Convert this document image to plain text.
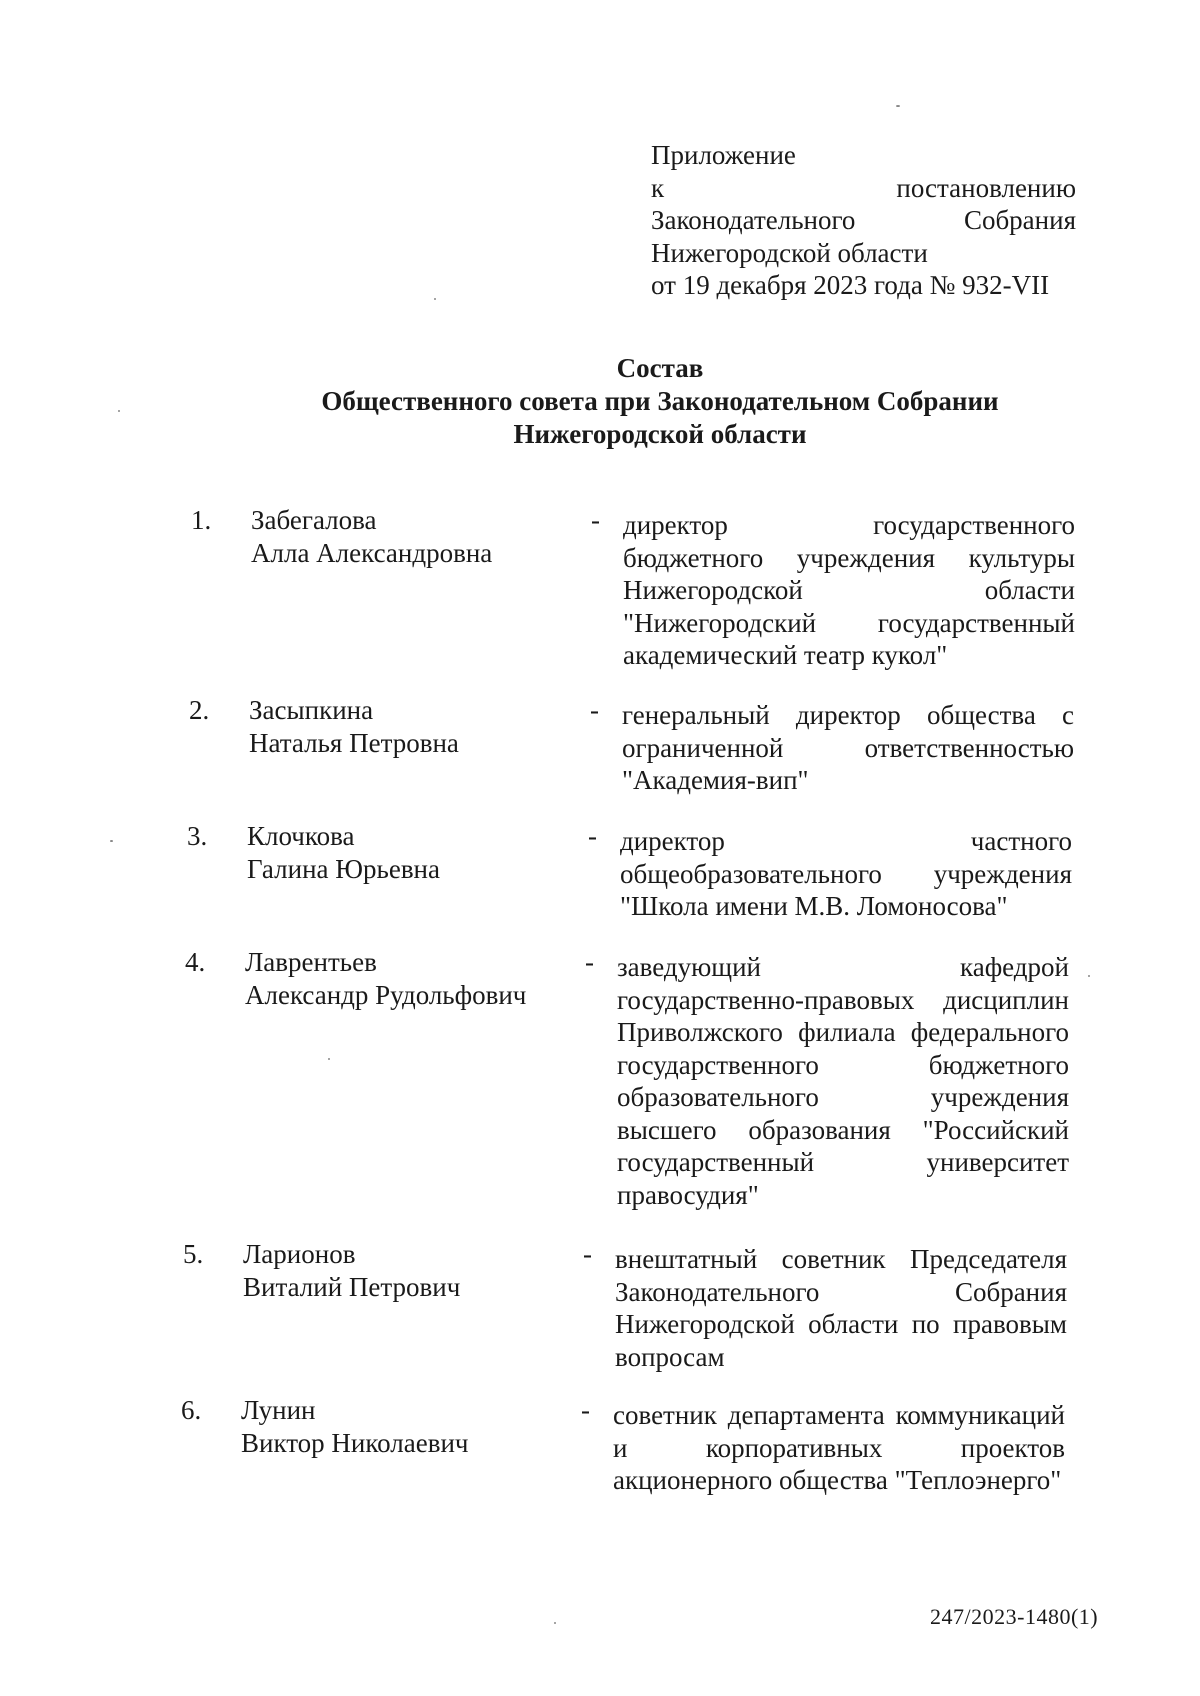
Приложение
к	постановлению
Законодательного	Собрания
Нижегородской области
от 19 декабря 2023 года № 932-VII
Состав
Общественного совета при Законодательном Собрании
Нижегородской области
1.	Забегалова
Алла Александровна
- директор государственного бюджетного учреждения культуры Нижегородской области "Нижегородский государственный академический театр кукол"
2.	Засыпкина
Наталья Петровна
- генеральный директор общества с ограниченной ответственностью "Академия-вип"
3.	Клочкова
Галина Юрьевна
- директор частного общеобразовательного учреждения "Школа имени М.В. Ломоносова"
4.	Лаврентьев
Александр Рудольфович
- заведующий кафедрой государственно-правовых дисциплин Приволжского филиала федерального государственного бюджетного образовательного учреждения высшего образования "Российский государственный университет правосудия"
5.	Ларионов
Виталий Петрович
- внештатный советник Председателя Законодательного Собрания Нижегородской области по правовым вопросам
6.	Лунин
Виктор Николаевич
- советник департамента коммуникаций и корпоративных проектов акционерного общества "Теплоэнерго"
247/2023-1480(1)
